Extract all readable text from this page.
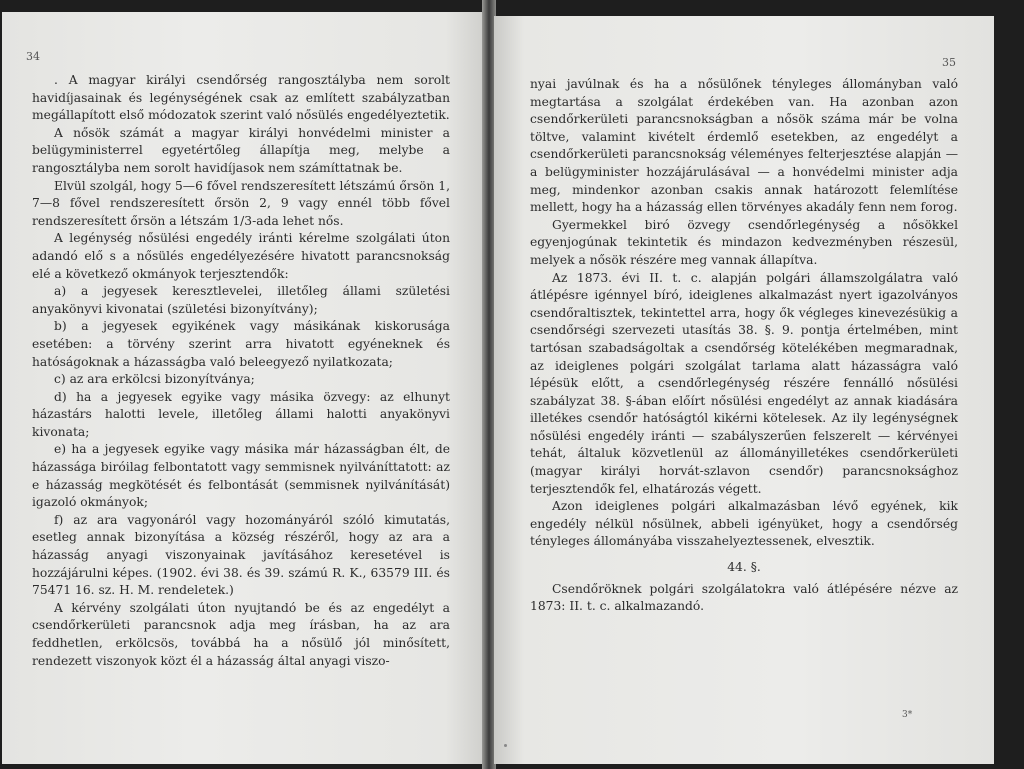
34

. A magyar királyi csendőrség rangosztályba nem sorolt havidíjasainak és legénységének csak az említett szabályzatban megállapított első módozatok szerint való nősülés engedélyeztetik.

A nősök számát a magyar királyi honvédelmi minister a belügyministerrel egyetértőleg állapítja meg, melybe a rangosztályba nem sorolt havidíjasok nem számíttatnak be.

Elvül szolgál, hogy 5—6 fővel rendszeresített létszámú őrsön 1, 7—8 fővel rendszeresített őrsön 2, 9 vagy ennél több fővel rendszeresített őrsön a létszám 1/3-ada lehet nős.

A legénység nősülési engedély iránti kérelme szolgálati úton adandó elő s a nősülés engedélyezésére hivatott parancsnokság elé a következő okmányok terjesztendők:

a) a jegyesek keresztlevelei, illetőleg állami születési anyakönyvi kivonatai (születési bizonyítvány);

b) a jegyesek egyikének vagy másikának kiskorusága esetében: a törvény szerint arra hivatott egyéneknek és hatóságoknak a házasságba való beleegyező nyilatkozata;

c) az ara erkölcsi bizonyítványa;

d) ha a jegyesek egyike vagy másika özvegy: az elhunyt házastárs halotti levele, illetőleg állami halotti anyakönyvi kivonata;

e) ha a jegyesek egyike vagy másika már házasságban élt, de házassága biróilag felbontatott vagy semmisnek nyilváníttatott: az e házasság megkötését és felbontását (semmisnek nyilvánítását) igazoló okmányok;

f) az ara vagyonáról vagy hozományáról szóló kimutatás, esetleg annak bizonyítása a község részéről, hogy az ara a házasság anyagi viszonyainak javításához keresetével is hozzájárulni képes. (1902. évi 38. és 39. számú R. K., 63579 III. és 75471 16. sz. H. M. rendeletek.)

A kérvény szolgálati úton nyujtandó be és az engedélyt a csendőrkerületi parancsnok adja meg írásban, ha az ara feddhetlen, erkölcsös, továbbá ha a nősülő jól minősített, rendezett viszonyok közt él a házasság által anyagi viszo-

35

nyai javúlnak és ha a nősülőnek tényleges állományban való megtartása a szolgálat érdekében van. Ha azonban azon csendőrkerületi parancsnokságban a nősök száma már be volna töltve, valamint kivételt érdemlő esetekben, az engedélyt a csendőrkerületi parancsnokság véleményes felterjesztése alapján — a belügyminister hozzájárulásával — a honvédelmi minister adja meg, mindenkor azonban csakis annak határozott felemlítése mellett, hogy ha a házasság ellen törvényes akadály fenn nem forog.

Gyermekkel biró özvegy csendőrlegénység a nősökkel egyenjogúnak tekintetik és mindazon kedvezményben részesül, melyek a nősök részére meg vannak állapítva.

Az 1873. évi II. t. c. alapján polgári államszolgálatra való átlépésre igénnyel bíró, ideiglenes alkalmazást nyert igazolványos csendőraltisztek, tekintettel arra, hogy ők végleges kinevezésükig a csendőrségi szervezeti utasítás 38. §. 9. pontja értelmében, mint tartósan szabadságoltak a csendőrség kötelékében megmaradnak, az ideiglenes polgári szolgálat tarlama alatt házasságra való lépésük előtt, a csendőrlegénység részére fennálló nősülési szabályzat 38. §-ában előírt nősülési engedélyt az annak kiadására illetékes csendőr hatóságtól kikérni kötelesek. Az ily legénységnek nősülési engedély iránti — szabályszerűen felszerelt — kérvényei tehát, általuk közvetlenül az állományilletékes csendőrkerületi (magyar királyi horvát-szlavon csendőr) parancsnoksághoz terjesztendők fel, elhatározás végett.

Azon ideiglenes polgári alkalmazásban lévő egyének, kik engedély nélkül nősülnek, abbeli igényüket, hogy a csendőrség tényleges állományába visszahelyeztessenek, elvesztik.

44. §.

Csendőröknek polgári szolgálatokra való átlépésére nézve az 1873: II. t. c. alkalmazandó.

3*
